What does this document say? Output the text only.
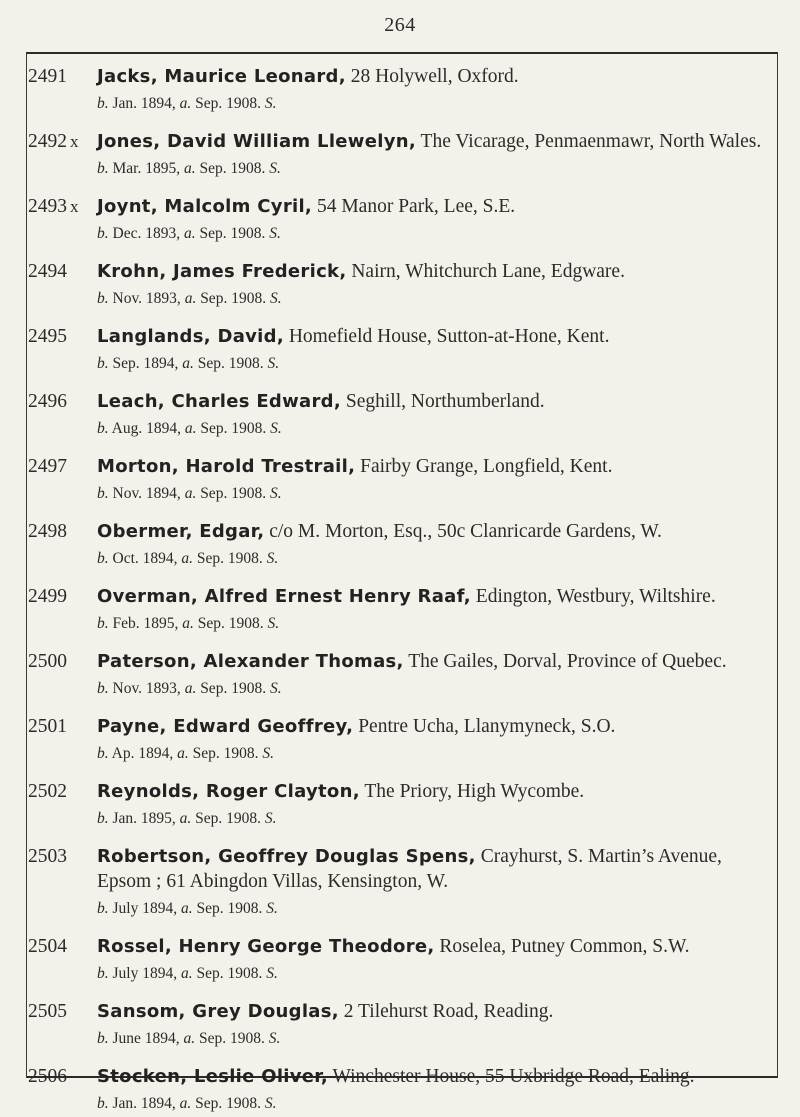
264
2491 Jacks, Maurice Leonard, 28 Holywell, Oxford.
b. Jan. 1894, a. Sep. 1908. S.
2492 x Jones, David William Llewelyn, The Vicarage, Penmaenmawr, North Wales.
b. Mar. 1895, a. Sep. 1908. S.
2493 x Joynt, Malcolm Cyril, 54 Manor Park, Lee, S.E.
b. Dec. 1893, a. Sep. 1908. S.
2494 Krohn, James Frederick, Nairn, Whitchurch Lane, Edgware.
b. Nov. 1893, a. Sep. 1908. S.
2495 Langlands, David, Homefield House, Sutton-at-Hone, Kent.
b. Sep. 1894, a. Sep. 1908. S.
2496 Leach, Charles Edward, Seghill, Northumberland.
b. Aug. 1894, a. Sep. 1908. S.
2497 Morton, Harold Trestrail, Fairby Grange, Longfield, Kent.
b. Nov. 1894, a. Sep. 1908. S.
2498 Obermer, Edgar, c/o M. Morton, Esq., 50c Clanricarde Gardens, W.
b. Oct. 1894, a. Sep. 1908. S.
2499 Overman, Alfred Ernest Henry Raaf, Edington, Westbury, Wiltshire.
b. Feb. 1895, a. Sep. 1908. S.
2500 Paterson, Alexander Thomas, The Gailes, Dorval, Province of Quebec.
b. Nov. 1893, a. Sep. 1908. S.
2501 Payne, Edward Geoffrey, Pentre Ucha, Llanymyneck, S.O.
b. Ap. 1894, a. Sep. 1908. S.
2502 Reynolds, Roger Clayton, The Priory, High Wycombe.
b. Jan. 1895, a. Sep. 1908. S.
2503 Robertson, Geoffrey Douglas Spens, Crayhurst, S. Martin’s Avenue, Epsom ; 61 Abingdon Villas, Kensington, W.
b. July 1894, a. Sep. 1908. S.
2504 Rossel, Henry George Theodore, Roselea, Putney Common, S.W.
b. July 1894, a. Sep. 1908. S.
2505 Sansom, Grey Douglas, 2 Tilehurst Road, Reading.
b. June 1894, a. Sep. 1908. S.
2506 Stocken, Leslie Oliver, Winchester House, 55 Uxbridge Road, Ealing.
b. Jan. 1894, a. Sep. 1908. S.
